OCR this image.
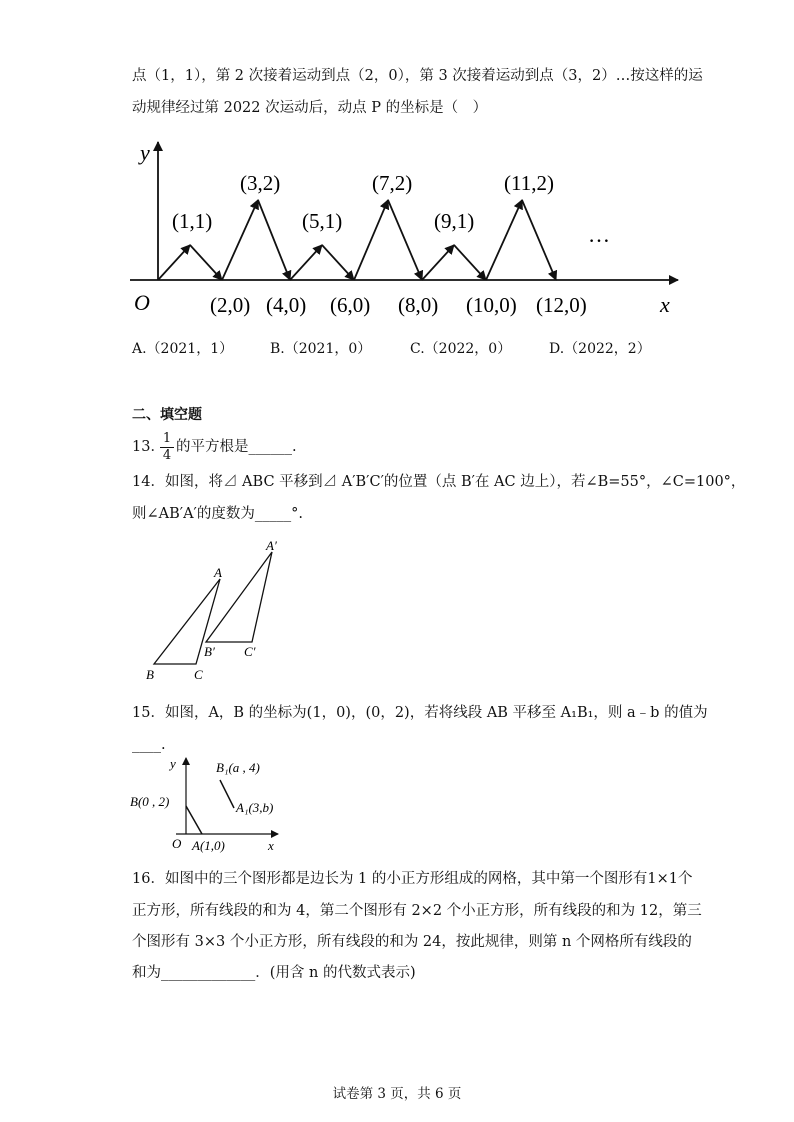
点（1，1），第 2 次接着运动到点（2，0），第 3 次接着运动到点（3，2）…按这样的运
动规律经过第 2022 次运动后，动点 P 的坐标是（　）
y
x
O
(1,1)
(3,2)
(5,1)
(7,2)
(9,1)
(11,2)
…
(2,0) (4,0) (6,0) (8,0) (10,0) (12,0)
A.（2021，1）	B.（2021，0）	C.（2022，0）	D.（2022，2）
二、填空题
13．
1
4
的平方根是______.
14．如图，将⊿ ABC 平移到⊿ A′B′C′的位置（点 B′在 AC 边上），若∠B=55°，∠C=100°，
则∠AB′A′的度数为_____°.
A
A′
B	C
B′ C′
15．如图，A，B 的坐标为(1，0)，(0，2)，若将线段 AB 平移至 A₁B₁，则 a﹣b 的值为
____.
y
x
O
B(0 , 2)
A(1,0)
B₁(a , 4)
A₁(3,b)
16．如图中的三个图形都是边长为 1 的小正方形组成的网格，其中第一个图形有1×1个
正方形，所有线段的和为 4，第二个图形有 2×2 个小正方形，所有线段的和为 12，第三
个图形有 3×3 个小正方形，所有线段的和为 24，按此规律，则第 n 个网格所有线段的
和为_____________．(用含 n 的代数式表示)
试卷第 3 页，共 6 页
